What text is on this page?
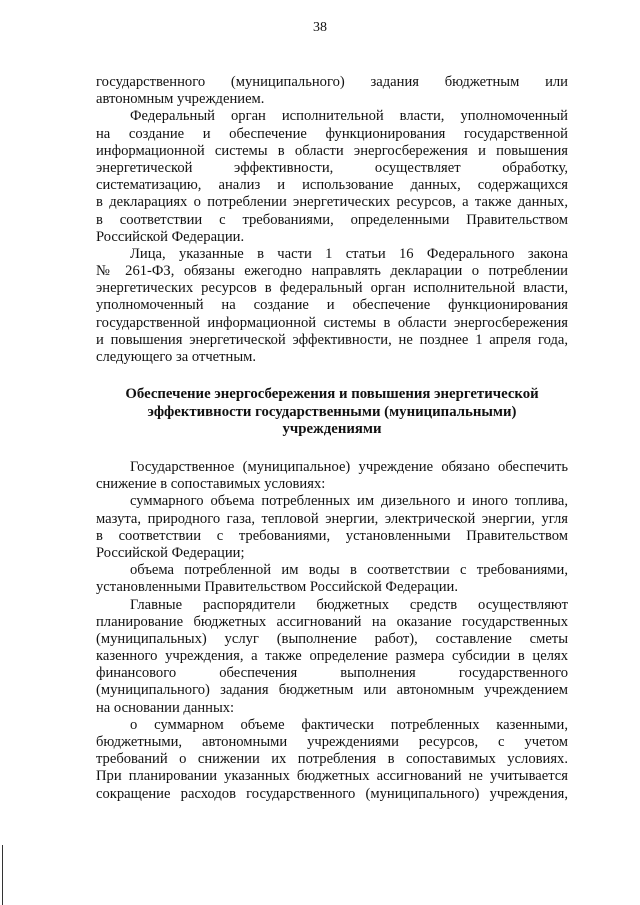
38
государственного (муниципального) задания бюджетным или
автономным учреждением.
Федеральный орган исполнительной власти, уполномоченный
на создание и обеспечение функционирования государственной
информационной системы в области энергосбережения и повышения
энергетической эффективности, осуществляет обработку,
систематизацию, анализ и использование данных, содержащихся
в декларациях о потреблении энергетических ресурсов, а также данных,
в соответствии с требованиями, определенными Правительством
Российской Федерации.
Лица, указанные в части 1 статьи 16 Федерального закона
№ 261-ФЗ, обязаны ежегодно направлять декларации о потреблении
энергетических ресурсов в федеральный орган исполнительной власти,
уполномоченный на создание и обеспечение функционирования
государственной информационной системы в области энергосбережения
и повышения энергетической эффективности, не позднее 1 апреля года,
следующего за отчетным.
Обеспечение энергосбережения и повышения энергетической
эффективности государственными (муниципальными)
учреждениями
Государственное (муниципальное) учреждение обязано обеспечить
снижение в сопоставимых условиях:
суммарного объема потребленных им дизельного и иного топлива,
мазута, природного газа, тепловой энергии, электрической энергии, угля
в соответствии с требованиями, установленными Правительством
Российской Федерации;
объема потребленной им воды в соответствии с требованиями,
установленными Правительством Российской Федерации.
Главные распорядители бюджетных средств осуществляют
планирование бюджетных ассигнований на оказание государственных
(муниципальных) услуг (выполнение работ), составление сметы
казенного учреждения, а также определение размера субсидии в целях
финансового обеспечения выполнения государственного
(муниципального) задания бюджетным или автономным учреждением
на основании данных:
о суммарном объеме фактически потребленных казенными,
бюджетными, автономными учреждениями ресурсов, с учетом
требований о снижении их потребления в сопоставимых условиях.
При планировании указанных бюджетных ассигнований не учитывается
сокращение расходов государственного (муниципального) учреждения,
